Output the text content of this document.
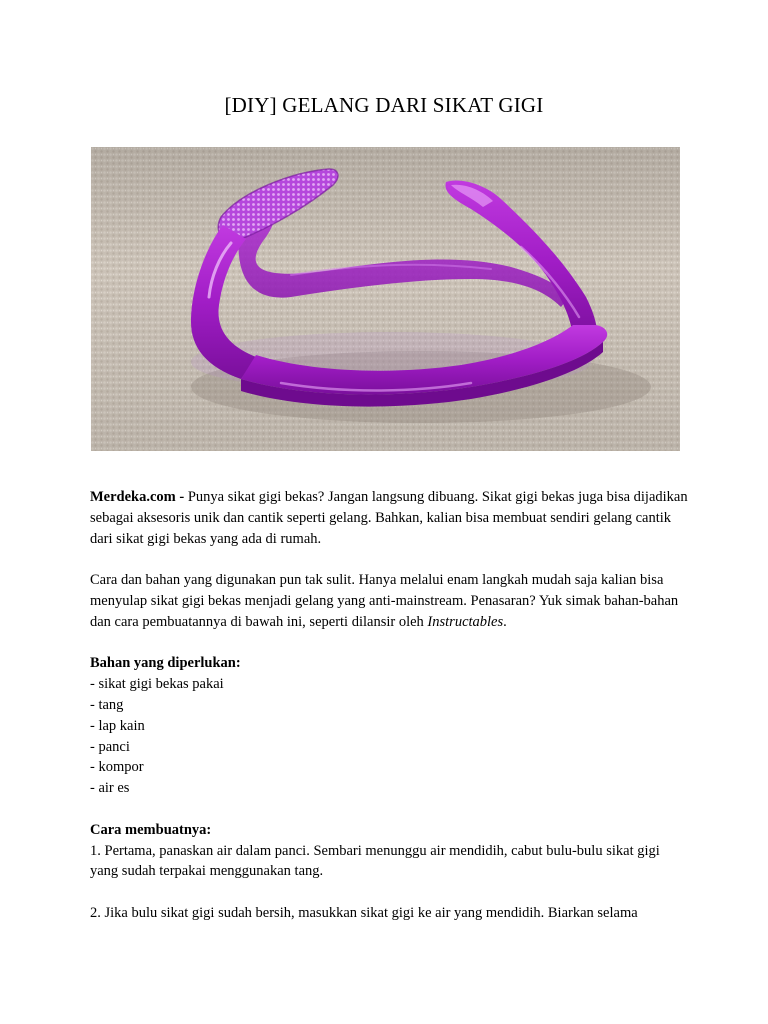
[DIY] GELANG DARI SIKAT GIGI

Merdeka.com - Punya sikat gigi bekas? Jangan langsung dibuang. Sikat gigi bekas juga bisa dijadikan sebagai aksesoris unik dan cantik seperti gelang. Bahkan, kalian bisa membuat sendiri gelang cantik dari sikat gigi bekas yang ada di rumah.

Cara dan bahan yang digunakan pun tak sulit. Hanya melalui enam langkah mudah saja kalian bisa menyulap sikat gigi bekas menjadi gelang yang anti-mainstream. Penasaran? Yuk simak bahan-bahan dan cara pembuatannya di bawah ini, seperti dilansir oleh Instructables.

Bahan yang diperlukan:

- sikat gigi bekas pakai
- tang
- lap kain
- panci
- kompor
- air es

Cara membuatnya:

1. Pertama, panaskan air dalam panci. Sembari menunggu air mendidih, cabut bulu-bulu sikat gigi yang sudah terpakai menggunakan tang.

2. Jika bulu sikat gigi sudah bersih, masukkan sikat gigi ke air yang mendidih. Biarkan selama
